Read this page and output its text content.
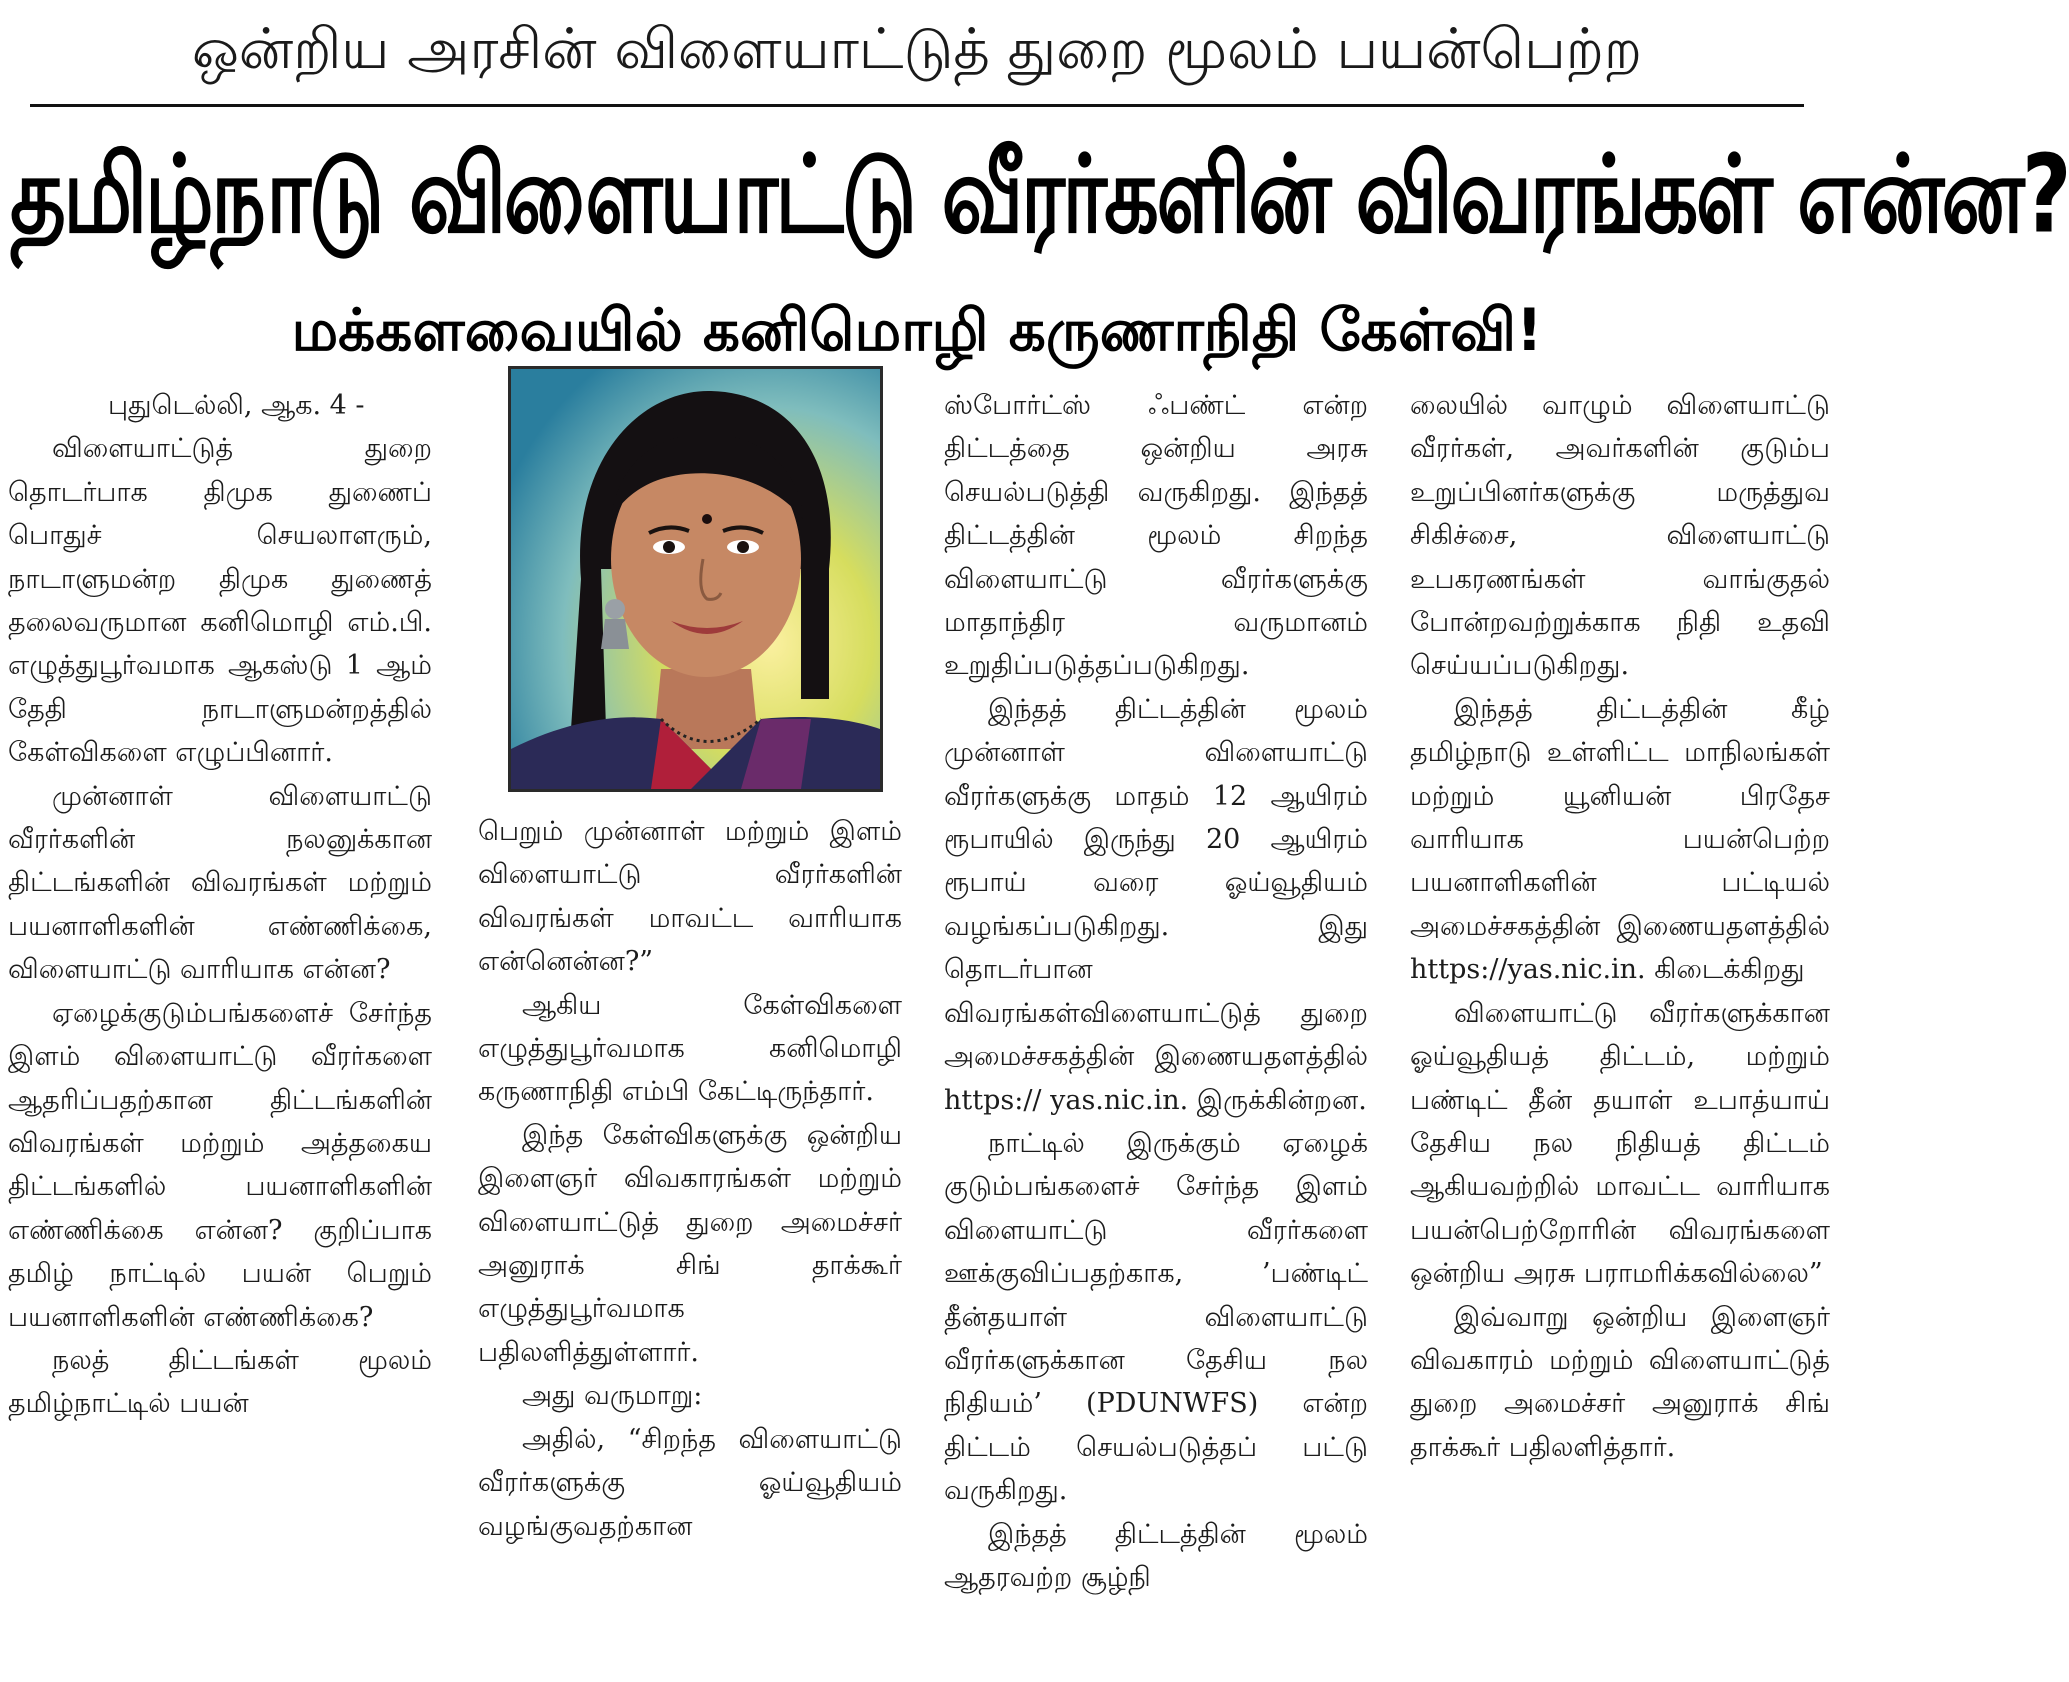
ஒன்றிய அரசின் விளையாட்டுத் துறை மூலம் பயன்பெற்ற
தமிழ்நாடு விளையாட்டு வீரர்களின் விவரங்கள் என்ன?
மக்களவையில் கனிமொழி கருணாநிதி கேள்வி!

புதுடெல்லி, ஆக. 4 -

விளையாட்டுத் துறை தொடர்பாக திமுக துணைப் பொதுச் செயலாளரும், நாடாளுமன்ற திமுக துணைத் தலைவருமான கனிமொழி எம்.பி. எழுத்துபூர்வமாக ஆகஸ்டு 1 ஆம் தேதி நாடாளுமன்றத்தில் கேள்விகளை எழுப்பினார்.

முன்னாள் விளையாட்டு வீரர்களின் நலனுக்கான திட்டங்களின் விவரங்கள் மற்றும் பயனாளிகளின் எண்ணிக்கை, விளையாட்டு வாரியாக என்ன?

ஏழைக்குடும்பங்களைச் சேர்ந்த இளம் விளையாட்டு வீரர்களை ஆதரிப்பதற்கான திட்டங்களின் விவரங்கள் மற்றும் அத்தகைய திட்டங்களில் பயனாளிகளின் எண்ணிக்கை என்ன? குறிப்பாக தமிழ் நாட்டில் பயன் பெறும் பயனாளிகளின் எண்ணிக்கை?

நலத் திட்டங்கள் மூலம் தமிழ்நாட்டில் பயன்

பெறும் முன்னாள் மற்றும் இளம் விளையாட்டு வீரர்களின் விவரங்கள் மாவட்ட வாரியாக என்னென்ன?”

ஆகிய கேள்விகளை எழுத்துபூர்வமாக கனிமொழி கருணாநிதி எம்பி கேட்டிருந்தார்.

இந்த கேள்விகளுக்கு ஒன்றிய இளைஞர் விவகாரங்கள் மற்றும் விளையாட்டுத் துறை அமைச்சர் அனுராக் சிங் தாக்கூர் எழுத்துபூர்வமாக பதிலளித்துள்ளார்.

அது வருமாறு:

அதில், “சிறந்த விளையாட்டு வீரர்களுக்கு ஓய்வூதியம் வழங்குவதற்கான

ஸ்போர்ட்ஸ் ஃபண்ட் என்ற திட்டத்தை ஒன்றிய அரசு செயல்படுத்தி வருகிறது. இந்தத் திட்டத்தின் மூலம் சிறந்த விளையாட்டு வீரர்களுக்கு மாதாந்திர வருமானம் உறுதிப்படுத்தப்படுகிறது.

இந்தத் திட்டத்தின் மூலம் முன்னாள் விளையாட்டு வீரர்களுக்கு மாதம் 12 ஆயிரம் ரூபாயில் இருந்து 20 ஆயிரம் ரூபாய் வரை ஓய்வூதியம் வழங்கப்படுகிறது. இது தொடர்பான விவரங்கள்விளையாட்டுத் துறை அமைச்சகத்தின் இணையதளத்தில் https:// yas.nic.in. இருக்கின்றன.

நாட்டில் இருக்கும் ஏழைக் குடும்பங்களைச் சேர்ந்த இளம் விளையாட்டு வீரர்களை ஊக்குவிப்பதற்காக, ’பண்டிட் தீன்தயாள் விளையாட்டு வீரர்களுக்கான தேசிய நல நிதியம்’ (PDUNWFS) என்ற திட்டம் செயல்படுத்தப் பட்டு வருகிறது.

இந்தத் திட்டத்தின் மூலம் ஆதரவற்ற சூழ்நி

லையில் வாழும் விளையாட்டு வீரர்கள், அவர்களின் குடும்ப உறுப்பினர்களுக்கு மருத்துவ சிகிச்சை, விளையாட்டு உபகரணங்கள் வாங்குதல் போன்றவற்றுக்காக நிதி உதவி செய்யப்படுகிறது.

இந்தத் திட்டத்தின் கீழ் தமிழ்நாடு உள்ளிட்ட மாநிலங்கள் மற்றும் யூனியன் பிரதேச வாரியாக பயன்பெற்ற பயனாளிகளின் பட்டியல் அமைச்சகத்தின் இணையதளத்தில் https://yas.nic.in. கிடைக்கிறது

விளையாட்டு வீரர்களுக்கான ஓய்வூதியத் திட்டம், மற்றும் பண்டிட் தீன் தயாள் உபாத்யாய் தேசிய நல நிதியத் திட்டம் ஆகியவற்றில் மாவட்ட வாரியாக பயன்பெற்றோரின் விவரங்களை ஒன்றிய அரசு பராமரிக்கவில்லை”

இவ்வாறு ஒன்றிய இளைஞர் விவகாரம் மற்றும் விளையாட்டுத் துறை அமைச்சர் அனுராக் சிங் தாக்கூர் பதிலளித்தார்.
